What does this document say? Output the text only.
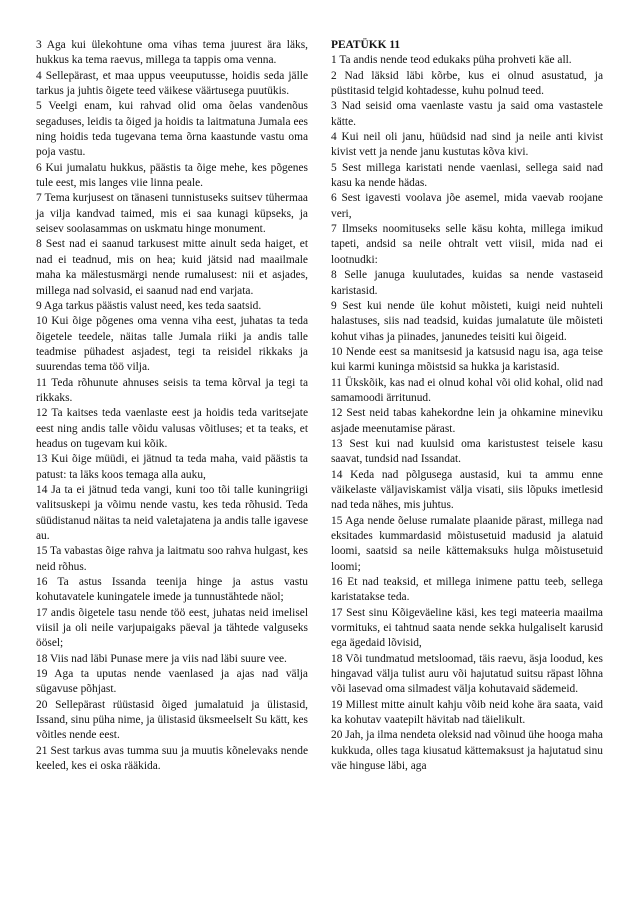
3 Aga kui ülekohtune oma vihas tema juurest ära läks, hukkus ka tema raevus, millega ta tappis oma venna.

4 Sellepärast, et maa uppus veeuputusse, hoidis seda jälle tarkus ja juhtis õigete teed väikese väärtusega puutükis.

5 Veelgi enam, kui rahvad olid oma õelas vandenõus segaduses, leidis ta õiged ja hoidis ta laitmatuna Jumala ees ning hoidis teda tugevana tema õrna kaastunde vastu oma poja vastu.

6 Kui jumalatu hukkus, päästis ta õige mehe, kes põgenes tule eest, mis langes viie linna peale.

7 Tema kurjusest on tänaseni tunnistuseks suitsev tühermaa ja vilja kandvad taimed, mis ei saa kunagi küpseks, ja seisev soolasammas on uskmatu hinge monument.

8 Sest nad ei saanud tarkusest mitte ainult seda haiget, et nad ei teadnud, mis on hea; kuid jätsid nad maailmale maha ka mälestusmärgi nende rumalusest: nii et asjades, millega nad solvasid, ei saanud nad end varjata.

9 Aga tarkus päästis valust need, kes teda saatsid.

10 Kui õige põgenes oma venna viha eest, juhatas ta teda õigetele teedele, näitas talle Jumala riiki ja andis talle teadmise pühadest asjadest, tegi ta reisidel rikkaks ja suurendas tema töö vilja.

11 Teda rõhunute ahnuses seisis ta tema kõrval ja tegi ta rikkaks.

12 Ta kaitses teda vaenlaste eest ja hoidis teda varitsejate eest ning andis talle võidu valusas võitluses; et ta teaks, et headus on tugevam kui kõik.

13 Kui õige müüdi, ei jätnud ta teda maha, vaid päästis ta patust: ta läks koos temaga alla auku,

14 Ja ta ei jätnud teda vangi, kuni too tõi talle kuningriigi valitsuskepi ja võimu nende vastu, kes teda rõhusid. Teda süüdistanud näitas ta neid valetajatena ja andis talle igavese au.

15 Ta vabastas õige rahva ja laitmatu soo rahva hulgast, kes neid rõhus.

16 Ta astus Issanda teenija hinge ja astus vastu kohutavatele kuningatele imede ja tunnustähtede näol;

17 andis õigetele tasu nende töö eest, juhatas neid imelisel viisil ja oli neile varjupaigaks päeval ja tähtede valguseks öösel;

18 Viis nad läbi Punase mere ja viis nad läbi suure vee.

19 Aga ta uputas nende vaenlased ja ajas nad välja sügavuse põhjast.

20 Sellepärast rüüstasid õiged jumalatuid ja ülistasid, Issand, sinu püha nime, ja ülistasid üksmeelselt Su kätt, kes võitles nende eest.

21 Sest tarkus avas tumma suu ja muutis kõnelevaks nende keeled, kes ei oska rääkida.

PEATÜKK 11

1 Ta andis nende teod edukaks püha prohveti käe all.

2 Nad läksid läbi kõrbe, kus ei olnud asustatud, ja püstitasid telgid kohtadesse, kuhu polnud teed.

3 Nad seisid oma vaenlaste vastu ja said oma vastastele kätte.

4 Kui neil oli janu, hüüdsid nad sind ja neile anti kivist kivist vett ja nende janu kustutas kõva kivi.

5 Sest millega karistati nende vaenlasi, sellega said nad kasu ka nende hädas.

6 Sest igavesti voolava jõe asemel, mida vaevab roojane veri,

7 Ilmseks noomituseks selle käsu kohta, millega imikud tapeti, andsid sa neile ohtralt vett viisil, mida nad ei lootnudki:

8 Selle januga kuulutades, kuidas sa nende vastaseid karistasid.

9 Sest kui nende üle kohut mõisteti, kuigi neid nuhteli halastuses, siis nad teadsid, kuidas jumalatute üle mõisteti kohut vihas ja piinades, janunedes teisiti kui õigeid.

10 Nende eest sa manitsesid ja katsusid nagu isa, aga teise kui karmi kuninga mõistsid sa hukka ja karistasid.

11 Ükskõik, kas nad ei olnud kohal või olid kohal, olid nad samamoodi ärritunud.

12 Sest neid tabas kahekordne lein ja ohkamine mineviku asjade meenutamise pärast.

13 Sest kui nad kuulsid oma karistustest teisele kasu saavat, tundsid nad Issandat.

14 Keda nad põlgusega austasid, kui ta ammu enne väikelaste väljaviskamist välja visati, siis lõpuks imetlesid nad teda nähes, mis juhtus.

15 Aga nende õeluse rumalate plaanide pärast, millega nad eksitades kummardasid mõistusetuid madusid ja alatuid loomi, saatsid sa neile kättemaksuks hulga mõistusetuid loomi;

16 Et nad teaksid, et millega inimene pattu teeb, sellega karistatakse teda.

17 Sest sinu Kõigeväeline käsi, kes tegi mateeria maailma vormituks, ei tahtnud saata nende sekka hulgaliselt karusid ega ägedaid lõvisid,

18 Või tundmatud metsloomad, täis raevu, äsja loodud, kes hingavad välja tulist auru või hajutatud suitsu räpast lõhna või lasevad oma silmadest välja kohutavaid sädemeid.

19 Millest mitte ainult kahju võib neid kohe ära saata, vaid ka kohutav vaatepilt hävitab nad täielikult.

20 Jah, ja ilma nendeta oleksid nad võinud ühe hooga maha kukkuda, olles taga kiusatud kättemaksust ja hajutatud sinu väe hinguse läbi, aga
